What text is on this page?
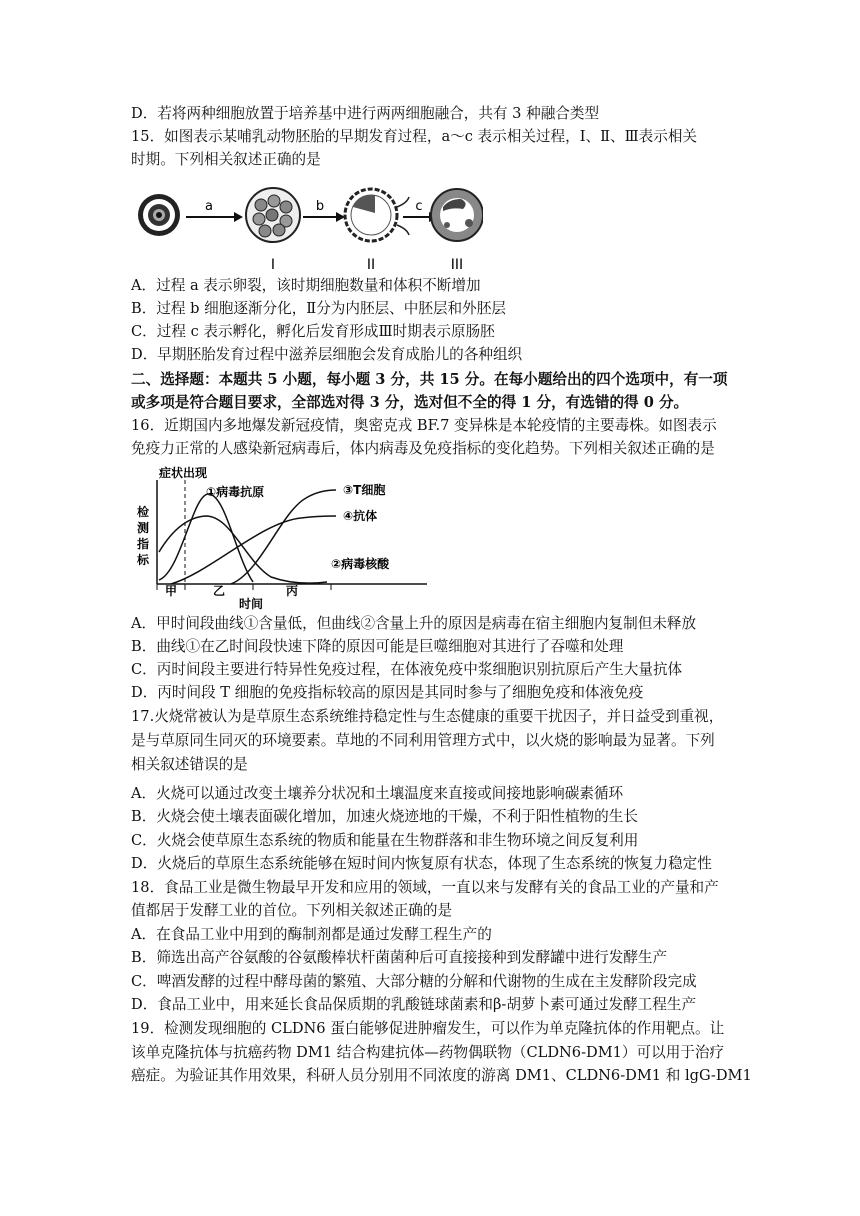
D．若将两种细胞放置于培养基中进行两两细胞融合，共有 3 种融合类型
15．如图表示某哺乳动物胚胎的早期发育过程，a～c 表示相关过程，Ⅰ、Ⅱ、Ⅲ表示相关
时期。下列相关叙述正确的是
a
I
b
II
c
III
A．过程 a 表示卵裂，该时期细胞数量和体积不断增加
B．过程 b 细胞逐渐分化，Ⅱ分为内胚层、中胚层和外胚层
C．过程 c 表示孵化，孵化后发育形成Ⅲ时期表示原肠胚
D．早期胚胎发育过程中滋养层细胞会发育成胎儿的各种组织
二、选择题：本题共 5 小题，每小题 3 分，共 15 分。在每小题给出的四个选项中，有一项
或多项是符合题目要求，全部选对得 3 分，选对但不全的得 1 分，有选错的得 0 分。
16．近期国内多地爆发新冠疫情，奥密克戎 BF.7 变异株是本轮疫情的主要毒株。如图表示
免疫力正常的人感染新冠病毒后，体内病毒及免疫指标的变化趋势。下列相关叙述正确的是
症状出现
检
测
指
标
①病毒抗原	③T细胞
④抗体
②病毒核酸
甲	乙	丙
时间
A．甲时间段曲线①含量低，但曲线②含量上升的原因是病毒在宿主细胞内复制但未释放
B．曲线①在乙时间段快速下降的原因可能是巨噬细胞对其进行了吞噬和处理
C．丙时间段主要进行特异性免疫过程，在体液免疫中浆细胞识别抗原后产生大量抗体
D．丙时间段 T 细胞的免疫指标较高的原因是其同时参与了细胞免疫和体液免疫
17.火烧常被认为是草原生态系统维持稳定性与生态健康的重要干扰因子，并日益受到重视，
是与草原同生同灭的环境要素。草地的不同利用管理方式中，以火烧的影响最为显著。下列
相关叙述错误的是
A．火烧可以通过改变土壤养分状况和土壤温度来直接或间接地影响碳素循环
B．火烧会使土壤表面碳化增加，加速火烧迹地的干燥，不利于阳性植物的生长
C．火烧会使草原生态系统的物质和能量在生物群落和非生物环境之间反复利用
D．火烧后的草原生态系统能够在短时间内恢复原有状态，体现了生态系统的恢复力稳定性
18．食品工业是微生物最早开发和应用的领域，一直以来与发酵有关的食品工业的产量和产
值都居于发酵工业的首位。下列相关叙述正确的是
A．在食品工业中用到的酶制剂都是通过发酵工程生产的
B．筛选出高产谷氨酸的谷氨酸棒状杆菌菌种后可直接接种到发酵罐中进行发酵生产
C．啤酒发酵的过程中酵母菌的繁殖、大部分糖的分解和代谢物的生成在主发酵阶段完成
D．食品工业中，用来延长食品保质期的乳酸链球菌素和β-胡萝卜素可通过发酵工程生产
19．检测发现细胞的 CLDN6 蛋白能够促进肿瘤发生，可以作为单克隆抗体的作用靶点。让
该单克隆抗体与抗癌药物 DM1 结合构建抗体—药物偶联物（CLDN6-DM1）可以用于治疗
癌症。为验证其作用效果，科研人员分别用不同浓度的游离 DM1、CLDN6-DM1 和 lgG-DM1
